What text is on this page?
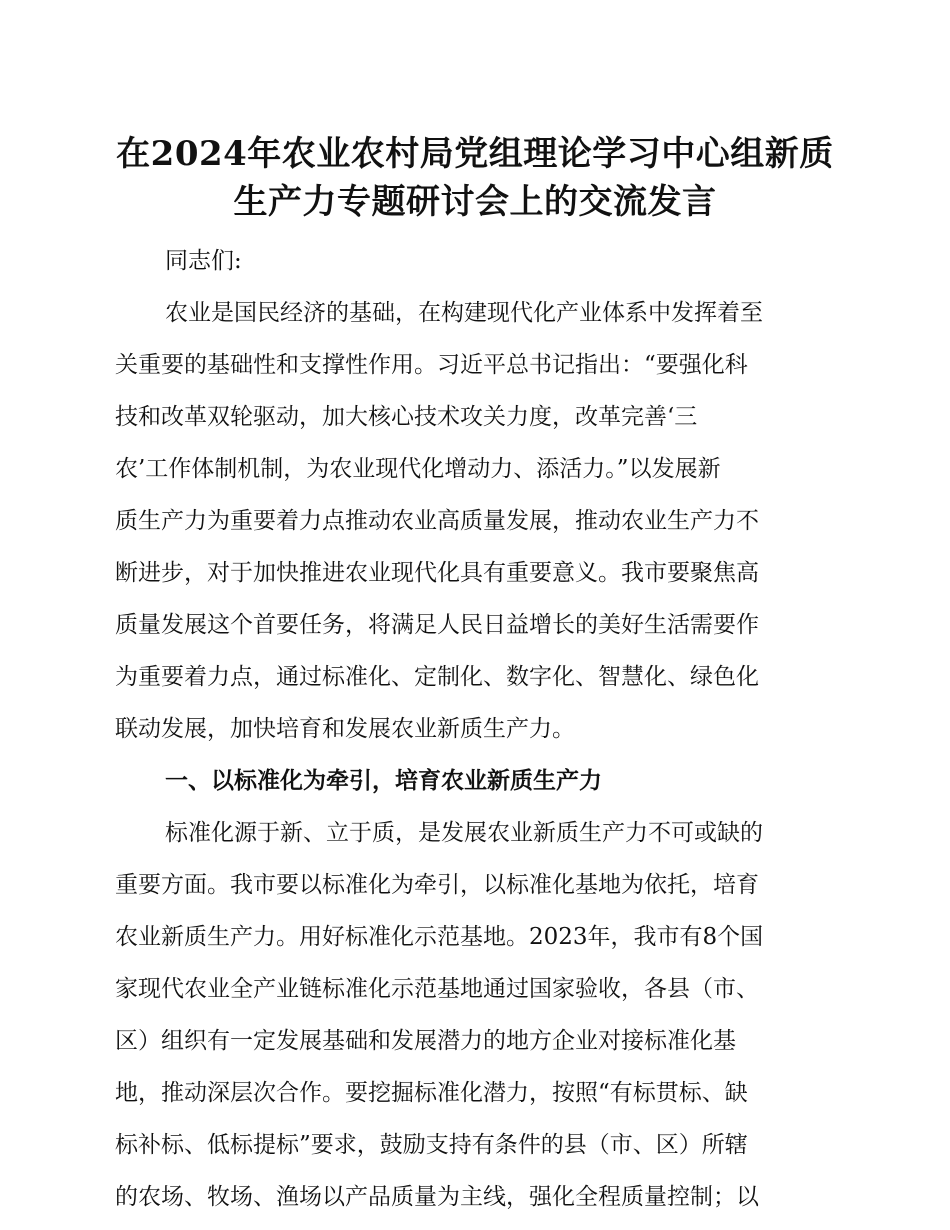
在2024年农业农村局党组理论学习中心组新质
生产力专题研讨会上的交流发言
同志们:
农业是国民经济的基础，在构建现代化产业体系中发挥着至
关重要的基础性和支撑性作用。习近平总书记指出：“要强化科
技和改革双轮驱动，加大核心技术攻关力度，改革完善‘三
农’工作体制机制，为农业现代化增动力、添活力。”以发展新
质生产力为重要着力点推动农业高质量发展，推动农业生产力不
断进步，对于加快推进农业现代化具有重要意义。我市要聚焦高
质量发展这个首要任务，将满足人民日益增长的美好生活需要作
为重要着力点，通过标准化、定制化、数字化、智慧化、绿色化
联动发展，加快培育和发展农业新质生产力。
一、以标准化为牵引，培育农业新质生产力
标准化源于新、立于质，是发展农业新质生产力不可或缺的
重要方面。我市要以标准化为牵引，以标准化基地为依托，培育
农业新质生产力。用好标准化示范基地。2023年，我市有8个国
家现代农业全产业链标准化示范基地通过国家验收，各县（市、
区）组织有一定发展基础和发展潜力的地方企业对接标准化基
地，推动深层次合作。要挖掘标准化潜力，按照“有标贯标、缺
标补标、低标提标”要求，鼓励支持有条件的县（市、区）所辖
的农场、牧场、渔场以产品质量为主线，强化全程质量控制；以
